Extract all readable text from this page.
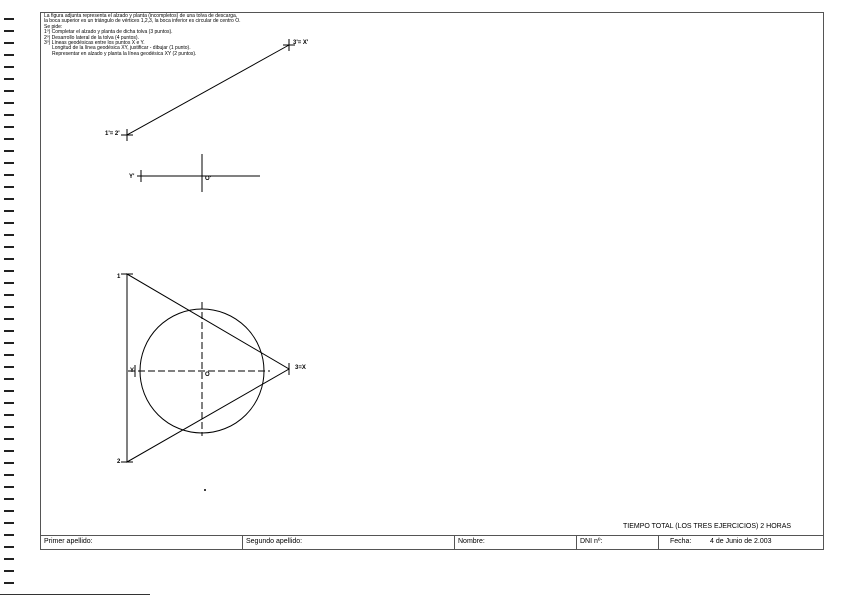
La figura adjunta representa el alzado y planta (incompletos) de una tolva de descarga,
la boca superior es un triángulo de vértices 1,2,3, la boca inferior es circular de centro O.
Se pide:
1º) Completar el alzado y planta de dicha tolva (3 puntos).
2º) Desarrollo lateral de la tolva (4 puntos).
3º) Líneas geodésicas entre los puntos X e Y.
Longitud de la línea geodésica XY, justificar - dibujar (1 punto).
Representar en alzado y planta la línea geodésica XY (2 puntos).
3'= X'
1'= 2'
Y'	O'
1
2
3=X
Y
O
TIEMPO TOTAL (LOS TRES EJERCICIOS) 2 HORAS
Primer apellido:	Segundo apellido:	Nombre:	DNI nº:	Fecha:	4 de Junio de 2.003
